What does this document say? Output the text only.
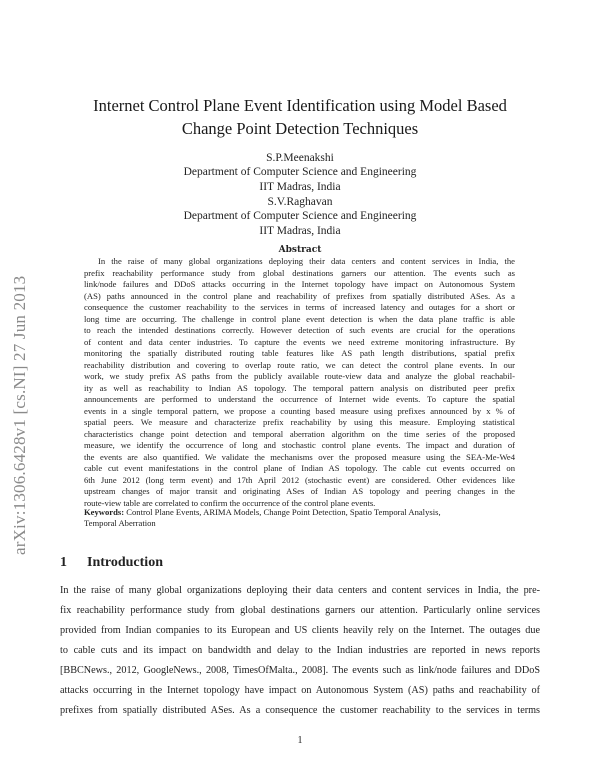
arXiv:1306.6428v1 [cs.NI] 27 Jun 2013
Internet Control Plane Event Identification using Model Based
Change Point Detection Techniques
S.P.Meenakshi
Department of Computer Science and Engineering
IIT Madras, India
S.V.Raghavan
Department of Computer Science and Engineering
IIT Madras, India
Abstract
In the raise of many global organizations deploying their data centers and content services in India, the
prefix reachability performance study from global destinations garners our attention. The events such as
link/node failures and DDoS attacks occurring in the Internet topology have impact on Autonomous System
(AS) paths announced in the control plane and reachability of prefixes from spatially distributed ASes. As a
consequence the customer reachability to the services in terms of increased latency and outages for a short or
long time are occurring. The challenge in control plane event detection is when the data plane traffic is able
to reach the intended destinations correctly. However detection of such events are crucial for the operations
of content and data center industries. To capture the events we need extreme monitoring infrastructure. By
monitoring the spatially distributed routing table features like AS path length distributions, spatial prefix
reachability distribution and covering to overlap route ratio, we can detect the control plane events. In our
work, we study prefix AS paths from the publicly available route-view data and analyze the global reachabil-
ity as well as reachability to Indian AS topology. The temporal pattern analysis on distributed peer prefix
announcements are performed to understand the occurrence of Internet wide events. To capture the spatial
events in a single temporal pattern, we propose a counting based measure using prefixes announced by x % of
spatial peers. We measure and characterize prefix reachability by using this measure. Employing statistical
characteristics change point detection and temporal aberration algorithm on the time series of the proposed
measure, we identify the occurrence of long and stochastic control plane events. The impact and duration of
the events are also quantified. We validate the mechanisms over the proposed measure using the SEA-Me-We4
cable cut event manifestations in the control plane of Indian AS topology. The cable cut events occurred on
6th June 2012 (long term event) and 17th April 2012 (stochastic event) are considered. Other evidences like
upstream changes of major transit and originating ASes of Indian AS topology and peering changes in the
route-view table are correlated to confirm the occurrence of the control plane events.
Keywords: Control Plane Events, ARIMA Models, Change Point Detection, Spatio Temporal Analysis,
Temporal Aberration
1 Introduction
In the raise of many global organizations deploying their data centers and content services in India, the pre-
fix reachability performance study from global destinations garners our attention. Particularly online services
provided from Indian companies to its European and US clients heavily rely on the Internet. The outages due
to cable cuts and its impact on bandwidth and delay to the Indian industries are reported in news reports
[BBCNews., 2012, GoogleNews., 2008, TimesOfMalta., 2008]. The events such as link/node failures and DDoS
attacks occurring in the Internet topology have impact on Autonomous System (AS) paths and reachability of
prefixes from spatially distributed ASes. As a consequence the customer reachability to the services in terms
1
